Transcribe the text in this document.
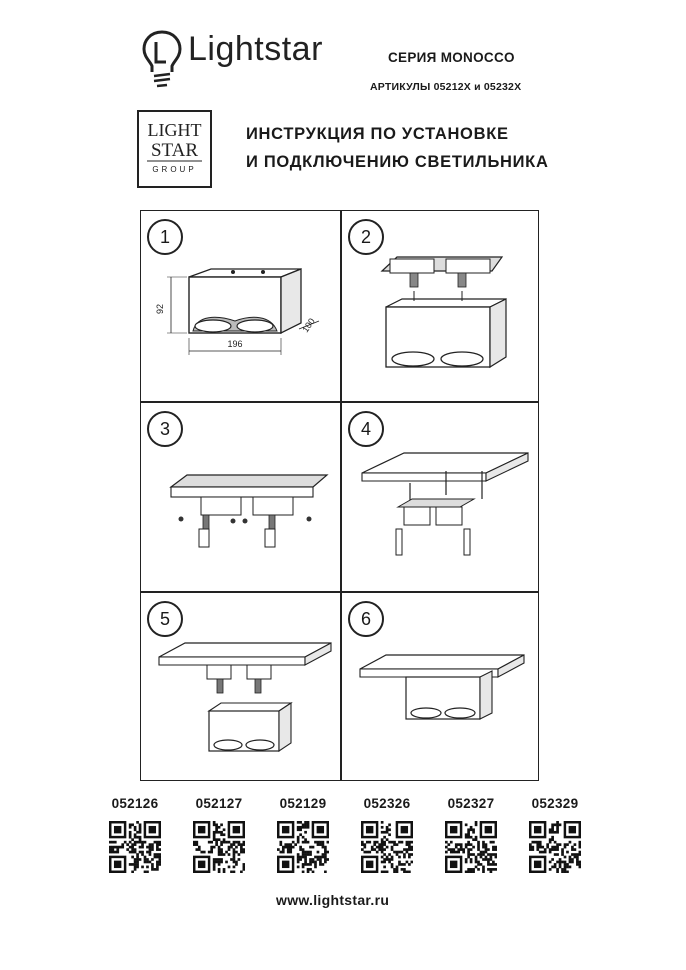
Lightstar	СЕРИЯ MONOCCO
АРТИКУЛЫ 05212X и 05232X
LIGHT
STAR
GROUP
ИНСТРУКЦИЯ ПО УСТАНОВКЕ
И ПОДКЛЮЧЕНИЮ СВЕТИЛЬНИКА
92
196
100
1	2
3	4
5	6
052126	052127	052129	052326	052327	052329
www.lightstar.ru
